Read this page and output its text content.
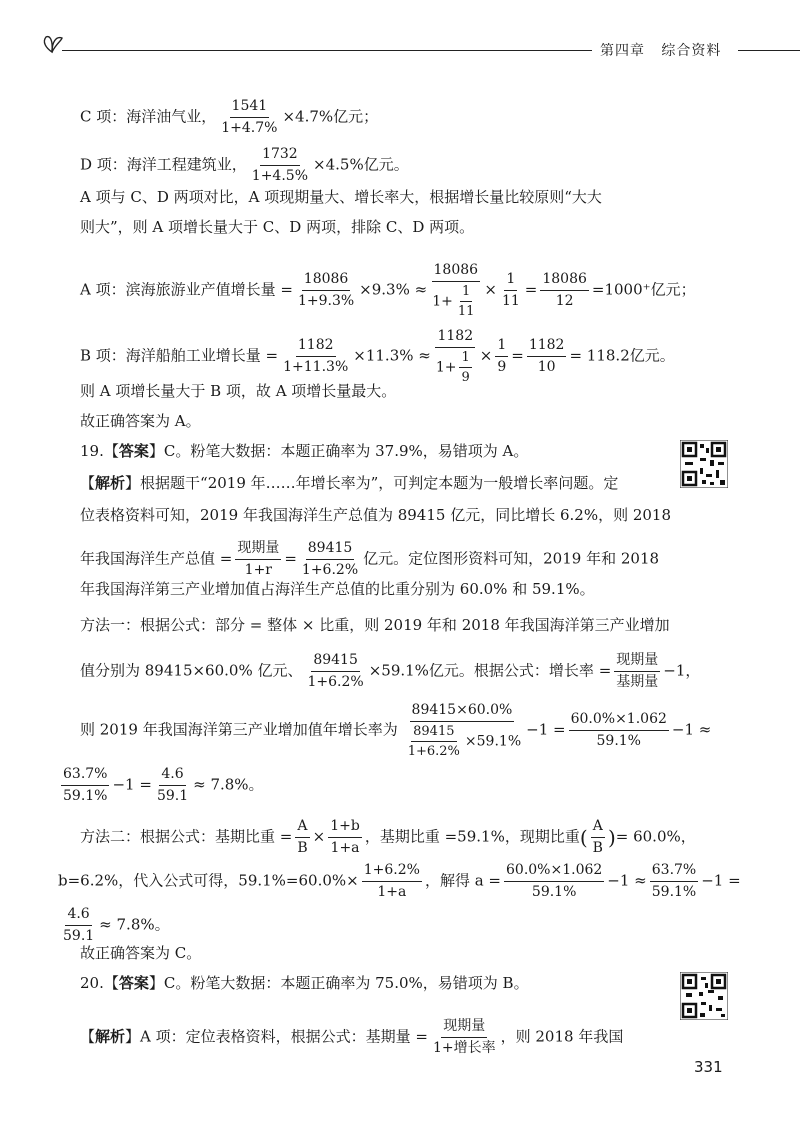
第四章 综合资料
C 项：海洋油气业， $\frac{1541}{1+4.7\%} \times 4.7\%$亿元；
D 项：海洋工程建筑业， $\frac{1732}{1+4.5\%} \times 4.5\%$亿元。
A 项与 C、D 两项对比，A 项现期量大、增长率大，根据增长量比较原则“大大
则大”，则 A 项增长量大于 C、D 两项，排除 C、D 两项。
A 项：滨海旅游业产值增长量 = $\frac{18086}{1+9.3\%} \times 9.3\% \approx \frac{18086}{1+ \frac{1}{11}} \times \frac{1}{11} = \frac{18086}{12} =1000^+$亿元；
B 项：海洋船舶工业增长量 = $\frac{1182}{1+11.3\%} \times 11.3\% \approx \frac{1182}{1+ \frac{1}{9}} \times \frac{1}{9} = \frac{1182}{10} = 118.2$亿元。
则 A 项增长量大于 B 项，故 A 项增长量最大。
故正确答案为 A。
19.【答案】C。粉笔大数据：本题正确率为 37.9%，易错项为 A。
【解析】根据题干“2019 年……年增长率为”，可判定本题为一般增长率问题。定
位表格资料可知，2019 年我国海洋生产总值为 89415 亿元，同比增长 6.2%，则 2018
年我国海洋生产总值 = $\frac{\text{现期量}}{1+r} = \frac{89415}{1+6.2\%}$ 亿元。定位图形资料可知，2019 年和 2018
年我国海洋第三产业增加值占海洋生产总值的比重分别为 60.0% 和 59.1%。
方法一：根据公式：部分 = 整体 × 比重，则 2019 年和 2018 年我国海洋第三产业增加
值分别为 89415×60.0% 亿元、 $\frac{89415}{1+6.2\%} \times 59.1\%$亿元。根据公式：增长率 = $\frac{\text{现期量}}{\text{基期量}} -1$，
则 2019 年我国海洋第三产业增加值年增长率为 $\frac{89415\times 60.0\%}{\frac{89415}{1+6.2\%} \times 59.1\%} -1 = \frac{60.0\%\times 1.062}{59.1\%} -1$ ≈
$\frac{63.7\%}{59.1\%} -1 = \frac{4.6}{59.1} \approx 7.8\%$。
方法二：根据公式：基期比重 = $\frac{A}{B} \times \frac{1+b}{1+a}$ ，基期比重 =59.1%，现期比重( $\frac{A}{B}$ )= 60.0%，
b=6.2%，代入公式可得，$59.1\%=60.0\%\times \frac{1+6.2\%}{1+a}$ ，解得 $a = \frac{60.0\%\times 1.062}{59.1\%} -1 \approx \frac{63.7\%}{59.1\%} -1$ =
$\frac{4.6}{59.1} \approx 7.8\%$。
故正确答案为 C。
20.【答案】C。粉笔大数据：本题正确率为 75.0%，易错项为 B。
【解析】A 项：定位表格资料，根据公式：基期量 = $\frac{\text{现期量}}{\text{1+增长率}}$ ，则 2018 年我国
331
